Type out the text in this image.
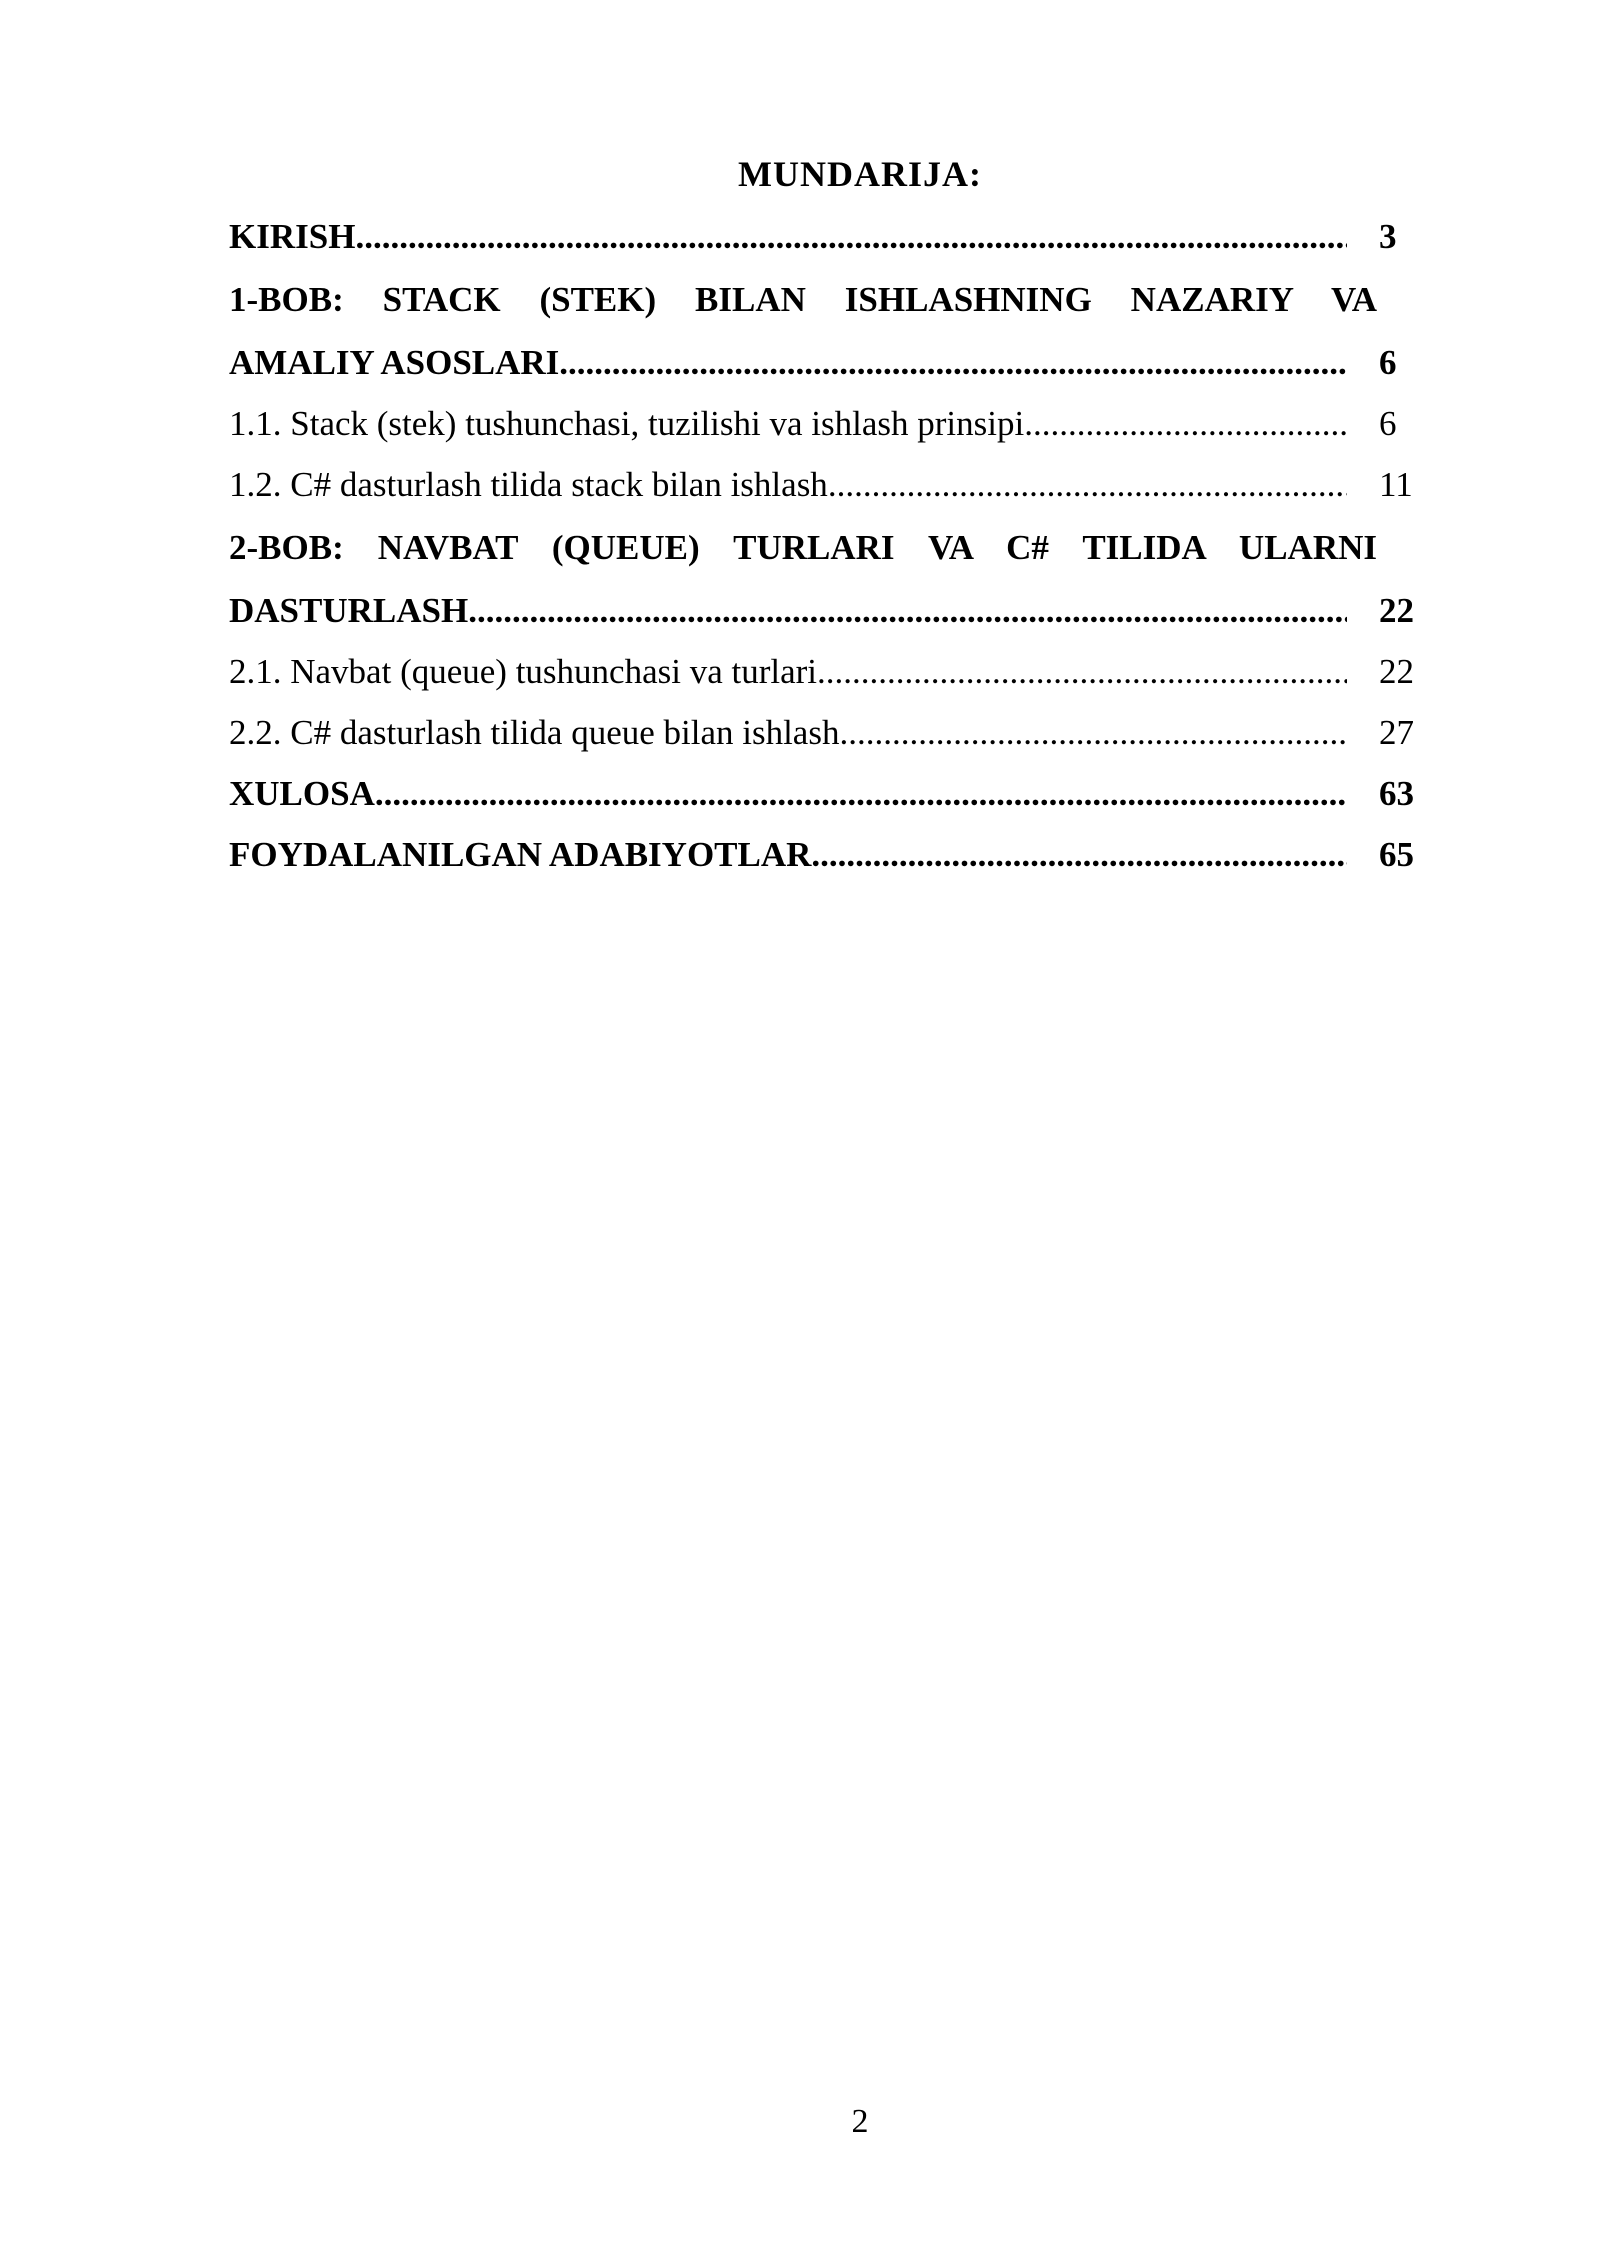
MUNDARIJA:
KIRISH .....	3
1-BOB: STACK (STEK) BILAN ISHLASHNING NAZARIY VA
AMALIY ASOSLARI .....	6
1.1. Stack (stek) tushunchasi, tuzilishi va ishlash prinsipi .....	6
1.2. C# dasturlash tilida stack bilan ishlash .....	11
2-BOB: NAVBAT (QUEUE) TURLARI VA C# TILIDA ULARNI
DASTURLASH .....	22
2.1. Navbat (queue) tushunchasi va turlari .....	22
2.2. C# dasturlash tilida queue bilan ishlash .....	27
XULOSA .....	63
FOYDALANILGAN ADABIYOTLAR .....	65
2
